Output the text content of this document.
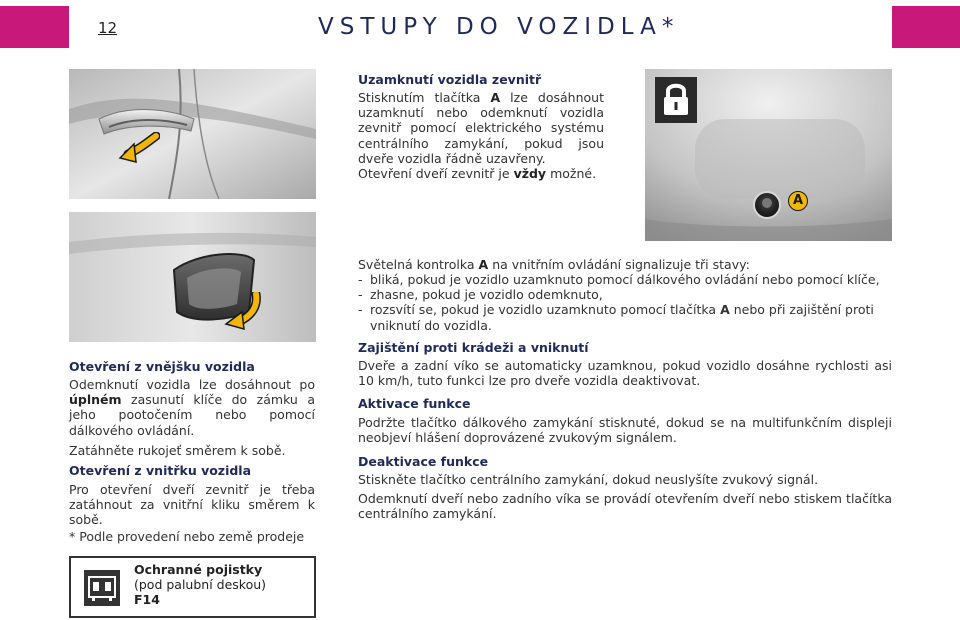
12	VSTUPY DO VOZIDLA*
A
Uzamknutí vozidla zevnitř
Stisknutím tlačítka A lze dosáhnout uzamknutí nebo odemknutí vozidla zevnitř pomocí elektrického systému centrálního zamykání, pokud jsou dveře vozidla řádně uzavřeny.
Otevření dveří zevnitř je vždy možné.
Světelná kontrolka A na vnitřním ovládání signalizuje tři stavy:
- bliká, pokud je vozidlo uzamknuto pomocí dálkového ovládání nebo pomocí klíče,
- zhasne, pokud je vozidlo odemknuto,
- rozsvítí se, pokud je vozidlo uzamknuto pomocí tlačítka A nebo při zajištění proti vniknutí do vozidla.
Zajištění proti krádeži a vniknutí
Dveře a zadní víko se automaticky uzamknou, pokud vozidlo dosáhne rychlosti asi 10 km/h, tuto funkci lze pro dveře vozidla deaktivovat.
Aktivace funkce
Podržte tlačítko dálkového zamykání stisknuté, dokud se na multifunkčním displeji neobjeví hlášení doprovázené zvukovým signálem.
Deaktivace funkce
Stiskněte tlačítko centrálního zamykání, dokud neuslyšíte zvukový signál.
Odemknutí dveří nebo zadního víka se provádí otevřením dveří nebo stiskem tlačítka centrálního zamykání.
Otevření z vnějšku vozidla
Odemknutí vozidla lze dosáhnout po úplném zasunutí klíče do zámku a jeho pootočením nebo pomocí dálkového ovládání.
Zatáhněte rukojeť směrem k sobě.
Otevření z vnitřku vozidla
Pro otevření dveří zevnitř je třeba zatáhnout za vnitřní kliku směrem k sobě.
* Podle provedení nebo země prodeje
Ochranné pojistky
(pod palubní deskou)
F14
